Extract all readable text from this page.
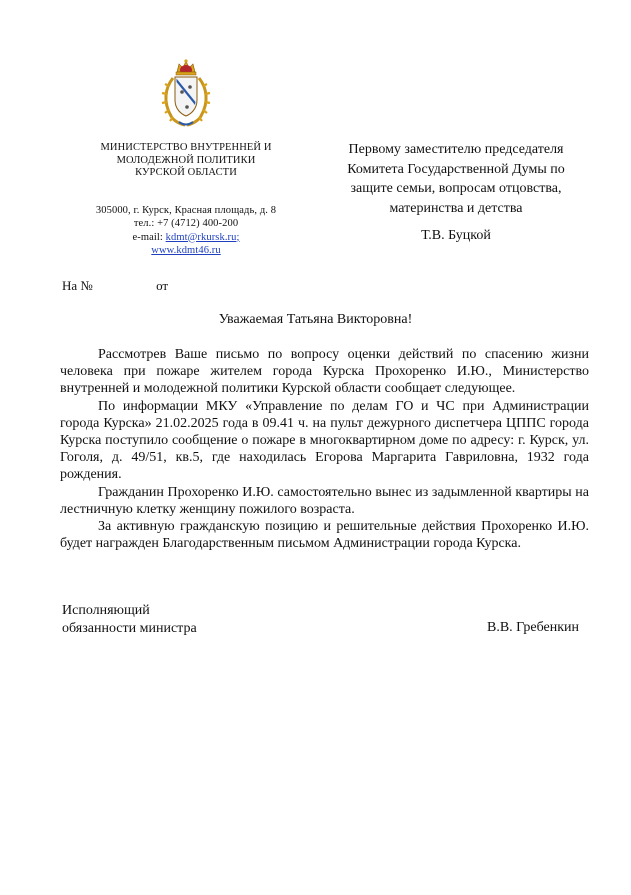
МИНИСТЕРСТВО ВНУТРЕННЕЙ И
МОЛОДЕЖНОЙ ПОЛИТИКИ
КУРСКОЙ ОБЛАСТИ
305000, г. Курск, Красная площадь, д. 8
тел.: +7 (4712) 400-200
e-mail: kdmt@rkursk.ru;
www.kdmt46.ru
Первому заместителю председателя
Комитета Государственной Думы по
защите семьи, вопросам отцовства,
материнства и детства
Т.В. Буцкой
На №	от
Уважаемая Татьяна Викторовна!

Рассмотрев Ваше письмо по вопросу оценки действий по спасению жизни человека при пожаре жителем города Курска Прохоренко И.Ю., Министерство внутренней и молодежной политики Курской области сообщает следующее.

По информации МКУ «Управление по делам ГО и ЧС при Администрации города Курска» 21.02.2025 года в 09.41 ч. на пульт дежурного диспетчера ЦППС города Курска поступило сообщение о пожаре в многоквартирном доме по адресу: г. Курск, ул. Гоголя, д. 49/51, кв.5, где находилась Егорова Маргарита Гавриловна, 1932 года рождения.

Гражданин Прохоренко И.Ю. самостоятельно вынес из задымленной квартиры на лестничную клетку женщину пожилого возраста.

За активную гражданскую позицию и решительные действия Прохоренко И.Ю. будет награжден Благодарственным письмом Администрации города Курска.

Исполняющий
обязанности министра	В.В. Гребенкин
